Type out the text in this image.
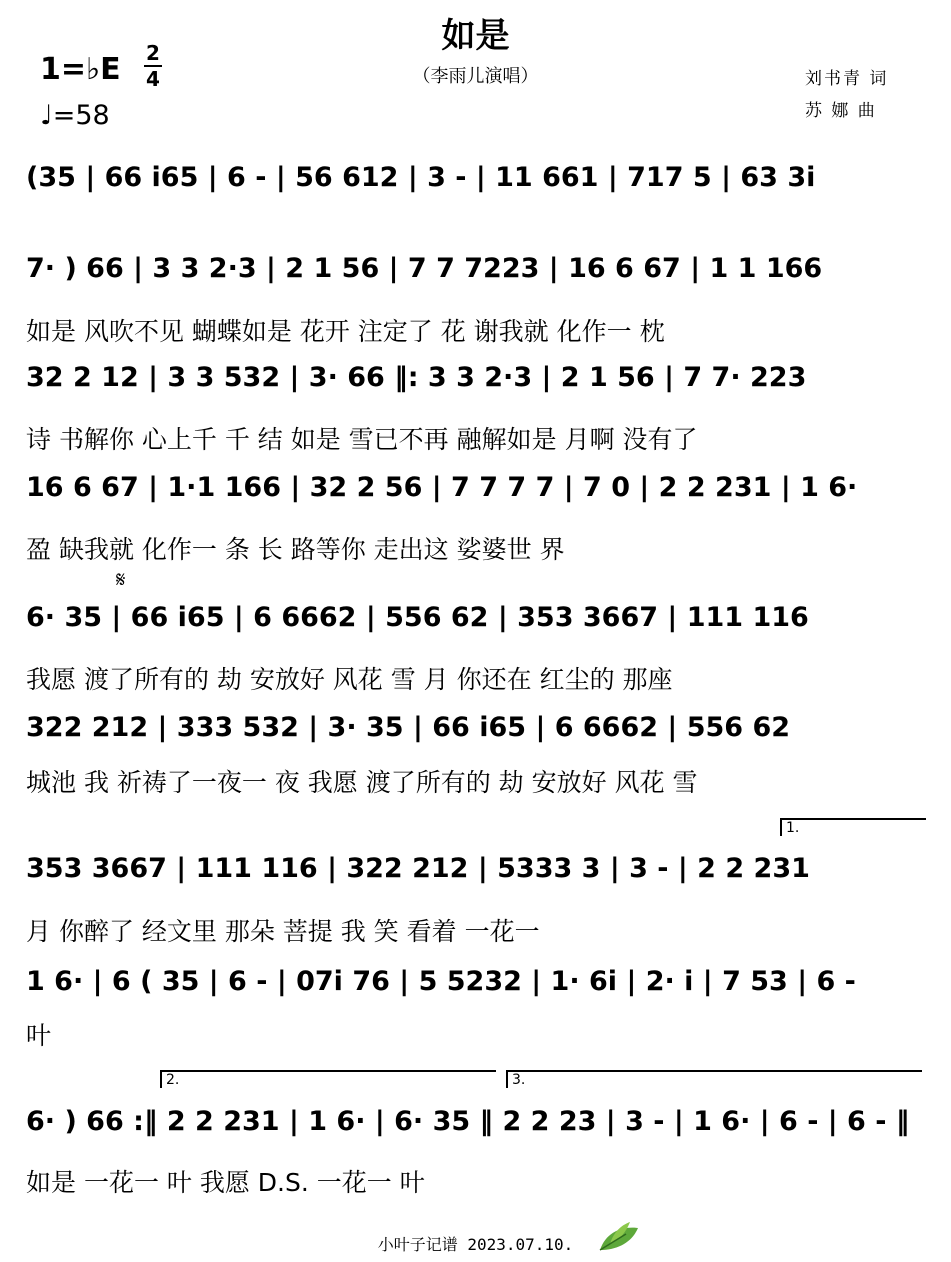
如是
（李雨儿演唱）
1=♭E 2
4
♩=58
刘书青 词
苏 娜 曲
(35 | 66 i65 | 6 - | 56 612 | 3 - | 11 661 | 717 5 | 63 3i
7· ) 66 | 3 3 2·3 | 2 1 56 | 7 7 7223 | 16 6 67 | 1 1 166
如是 风吹不见 蝴蝶如是 花开 注定了 花 谢我就 化作一 枕
32 2 12 | 3 3 532 | 3· 66 ‖: 3 3 2·3 | 2 1 56 | 7 7· 223
诗 书解你 心上千 千 结 如是 雪已不再 融解如是 月啊 没有了
16 6 67 | 1·1 166 | 32 2 56 | 7 7 7 7 | 7 0 | 2 2 231 | 1 6·
盈 缺我就 化作一 条 长 路等你 走出这 娑婆世 界
𝄋
6· 35 | 66 i65 | 6 6662 | 556 62 | 353 3667 | 111 116
我愿 渡了所有的 劫 安放好 风花 雪 月 你还在 红尘的 那座
322 212 | 333 532 | 3· 35 | 66 i65 | 6 6662 | 556 62
城池 我 祈祷了一夜一 夜 我愿 渡了所有的 劫 安放好 风花 雪
1.
353 3667 | 111 116 | 322 212 | 5333 3 | 3 - | 2 2 231
月 你醉了 经文里 那朵 菩提 我 笑 看着 一花一
1 6· | 6 ( 35 | 6 - | 07i 76 | 5 5232 | 1· 6i | 2· i | 7 53 | 6 -
叶
2.	3.
6· ) 66 :‖ 2 2 231 | 1 6· | 6· 35 ‖ 2 2 23 | 3 - | 1 6· | 6 - | 6 - ‖
如是 一花一 叶 我愿 D.S. 一花一 叶
小叶子记谱 2023.07.10.
